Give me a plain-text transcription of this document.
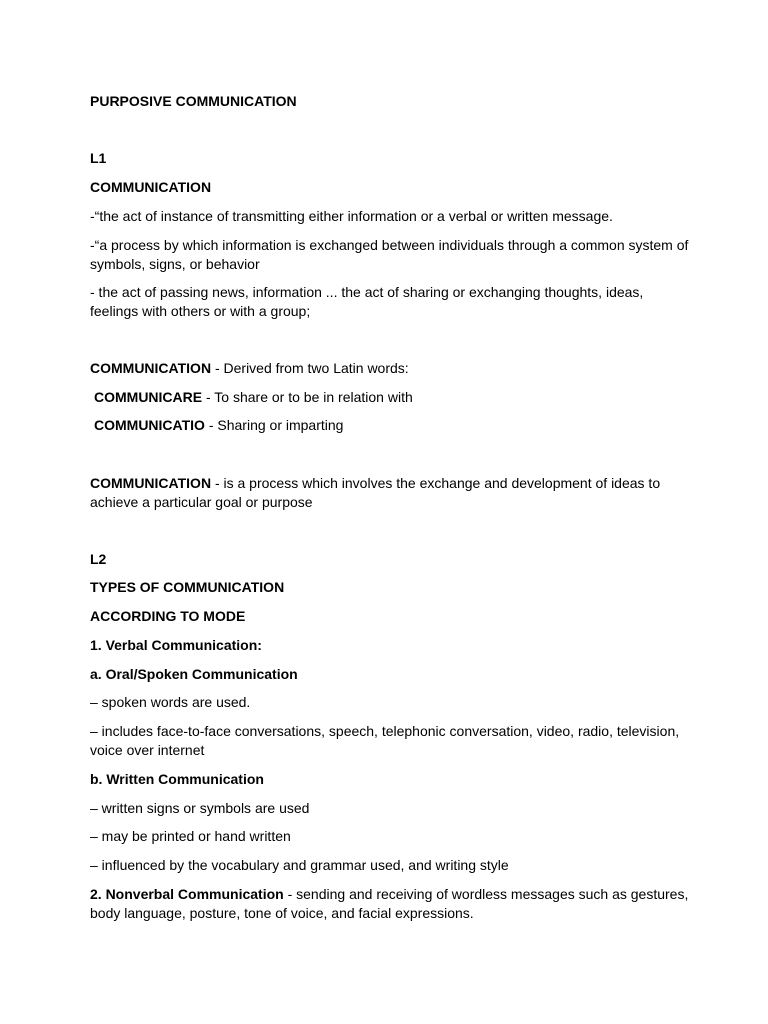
PURPOSIVE COMMUNICATION
L1
COMMUNICATION
-“the act of instance of transmitting either information or a verbal or written message.
-“a process by which information is exchanged between individuals through a common system of symbols, signs, or behavior
- the act of passing news, information ... the act of sharing or exchanging thoughts, ideas, feelings with others or with a group;
COMMUNICATION - Derived from two Latin words:
COMMUNICARE - To share or to be in relation with
COMMUNICATIO - Sharing or imparting
COMMUNICATION - is a process which involves the exchange and development of ideas to achieve a particular goal or purpose
L2
TYPES OF COMMUNICATION
ACCORDING TO MODE
1. Verbal Communication:
a. Oral/Spoken Communication
– spoken words are used.
– includes face-to-face conversations, speech, telephonic conversation, video, radio, television, voice over internet
b. Written Communication
– written signs or symbols are used
– may be printed or hand written
– influenced by the vocabulary and grammar used, and writing style
2. Nonverbal Communication - sending and receiving of wordless messages such as gestures, body language, posture, tone of voice, and facial expressions.
